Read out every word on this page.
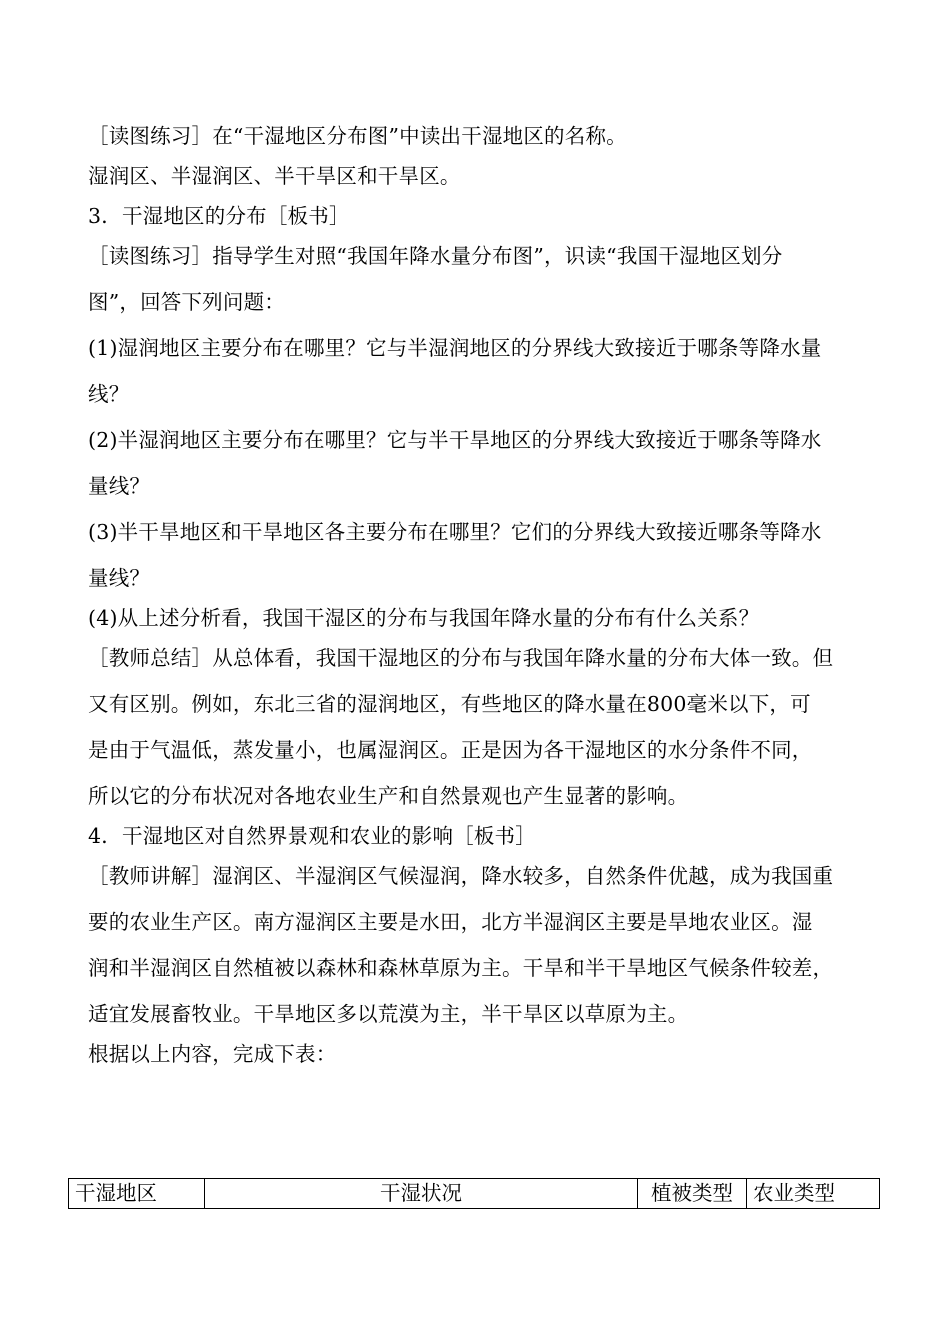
［读图练习］在“干湿地区分布图”中读出干湿地区的名称。
湿润区、半湿润区、半干旱区和干旱区。
3．干湿地区的分布［板书］
［读图练习］指导学生对照“我国年降水量分布图”，识读“我国干湿地区划分
图”，回答下列问题：
(1)湿润地区主要分布在哪里？它与半湿润地区的分界线大致接近于哪条等降水量
线？
(2)半湿润地区主要分布在哪里？它与半干旱地区的分界线大致接近于哪条等降水
量线？
(3)半干旱地区和干旱地区各主要分布在哪里？它们的分界线大致接近哪条等降水
量线？
(4)从上述分析看，我国干湿区的分布与我国年降水量的分布有什么关系？
［教师总结］从总体看，我国干湿地区的分布与我国年降水量的分布大体一致。但
又有区别。例如，东北三省的湿润地区，有些地区的降水量在800毫米以下，可
是由于气温低，蒸发量小，也属湿润区。正是因为各干湿地区的水分条件不同，
所以它的分布状况对各地农业生产和自然景观也产生显著的影响。
4．干湿地区对自然界景观和农业的影响［板书］
［教师讲解］湿润区、半湿润区气候湿润，降水较多，自然条件优越，成为我国重
要的农业生产区。南方湿润区主要是水田，北方半湿润区主要是旱地农业区。湿
润和半湿润区自然植被以森林和森林草原为主。干旱和半干旱地区气候条件较差，
适宜发展畜牧业。干旱地区多以荒漠为主，半干旱区以草原为主。
根据以上内容，完成下表：
干湿地区	干湿状况	植被类型	农业类型
